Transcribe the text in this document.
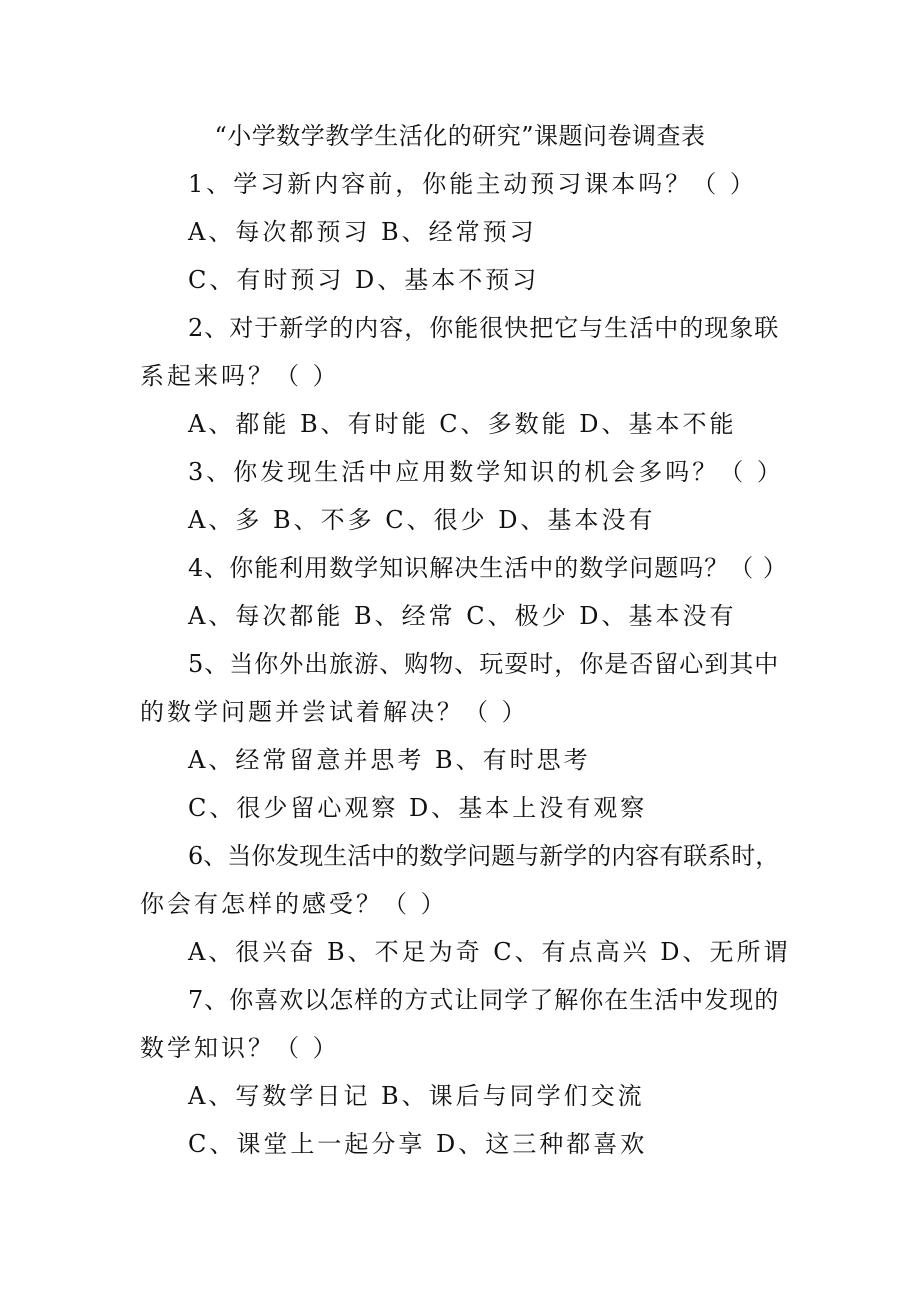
“小学数学教学生活化的研究”课题问卷调查表
1、学习新内容前，你能主动预习课本吗？（ ）
A、每次都预习 B、经常预习
C、有时预习 D、基本不预习
2、对于新学的内容，你能很快把它与生活中的现象联
系起来吗？（ ）
A、都能 B、有时能 C、多数能 D、基本不能
3、你发现生活中应用数学知识的机会多吗？（ ）
A、多 B、不多 C、很少 D、基本没有
4、你能利用数学知识解决生活中的数学问题吗？（ ）
A、每次都能 B、经常 C、极少 D、基本没有
5、当你外出旅游、购物、玩耍时，你是否留心到其中
的数学问题并尝试着解决？（ ）
A、经常留意并思考 B、有时思考
C、很少留心观察 D、基本上没有观察
6、当你发现生活中的数学问题与新学的内容有联系时，
你会有怎样的感受？（ ）
A、很兴奋 B、不足为奇 C、有点高兴 D、无所谓
7、你喜欢以怎样的方式让同学了解你在生活中发现的
数学知识？（ ）
A、写数学日记 B、课后与同学们交流
C、课堂上一起分享 D、这三种都喜欢
